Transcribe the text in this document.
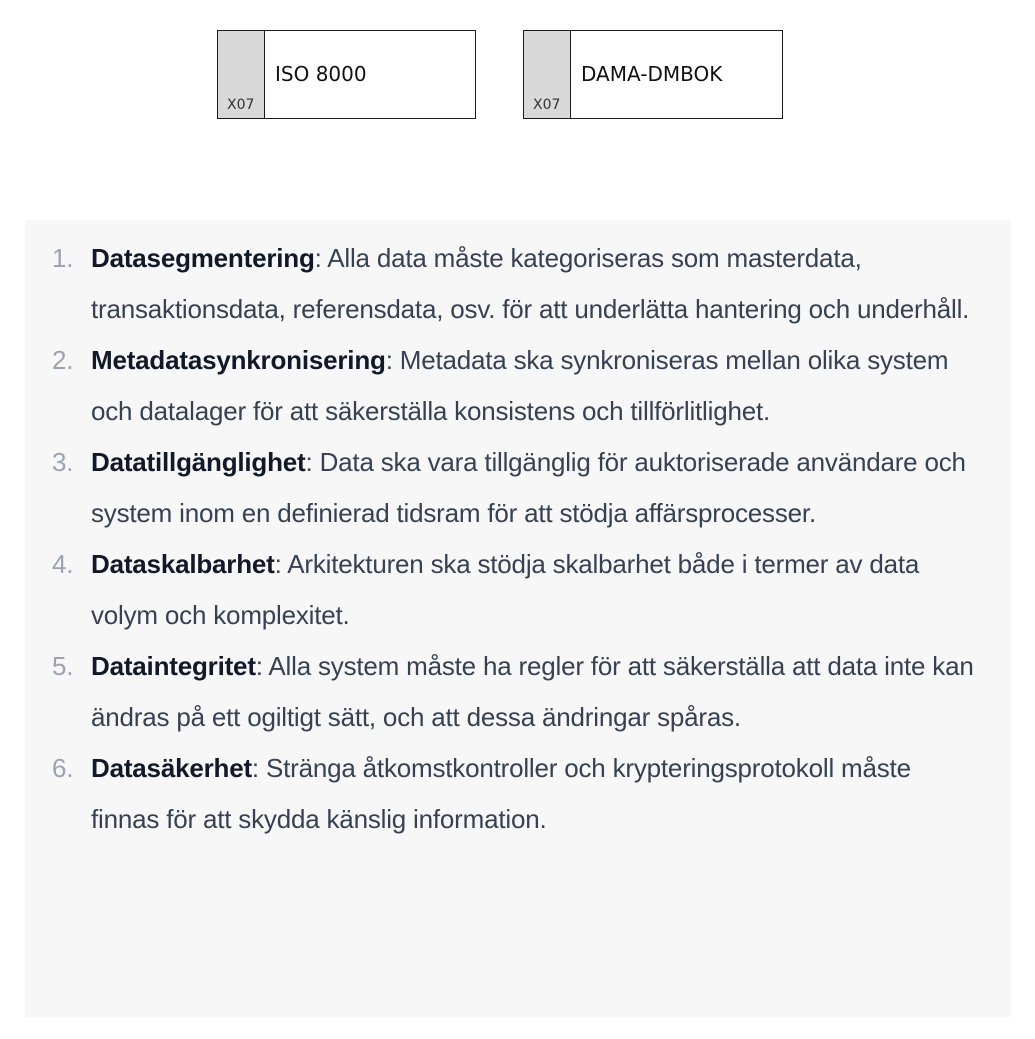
X07
ISO 8000
X07
DAMA-DMBOK
1. Datasegmentering: Alla data måste kategoriseras som masterdata, transaktionsdata, referensdata, osv. för att underlätta hantering och underhåll.
2. Metadatasynkronisering: Metadata ska synkroniseras mellan olika system och datalager för att säkerställa konsistens och tillförlitlighet.
3. Datatillgänglighet: Data ska vara tillgänglig för auktoriserade användare och system inom en definierad tidsram för att stödja affärsprocesser.
4. Dataskalbarhet: Arkitekturen ska stödja skalbarhet både i termer av data volym och komplexitet.
5. Dataintegritet: Alla system måste ha regler för att säkerställa att data inte kan ändras på ett ogiltigt sätt, och att dessa ändringar spåras.
6. Datasäkerhet: Stränga åtkomstkontroller och krypteringsprotokoll måste finnas för att skydda känslig information.
